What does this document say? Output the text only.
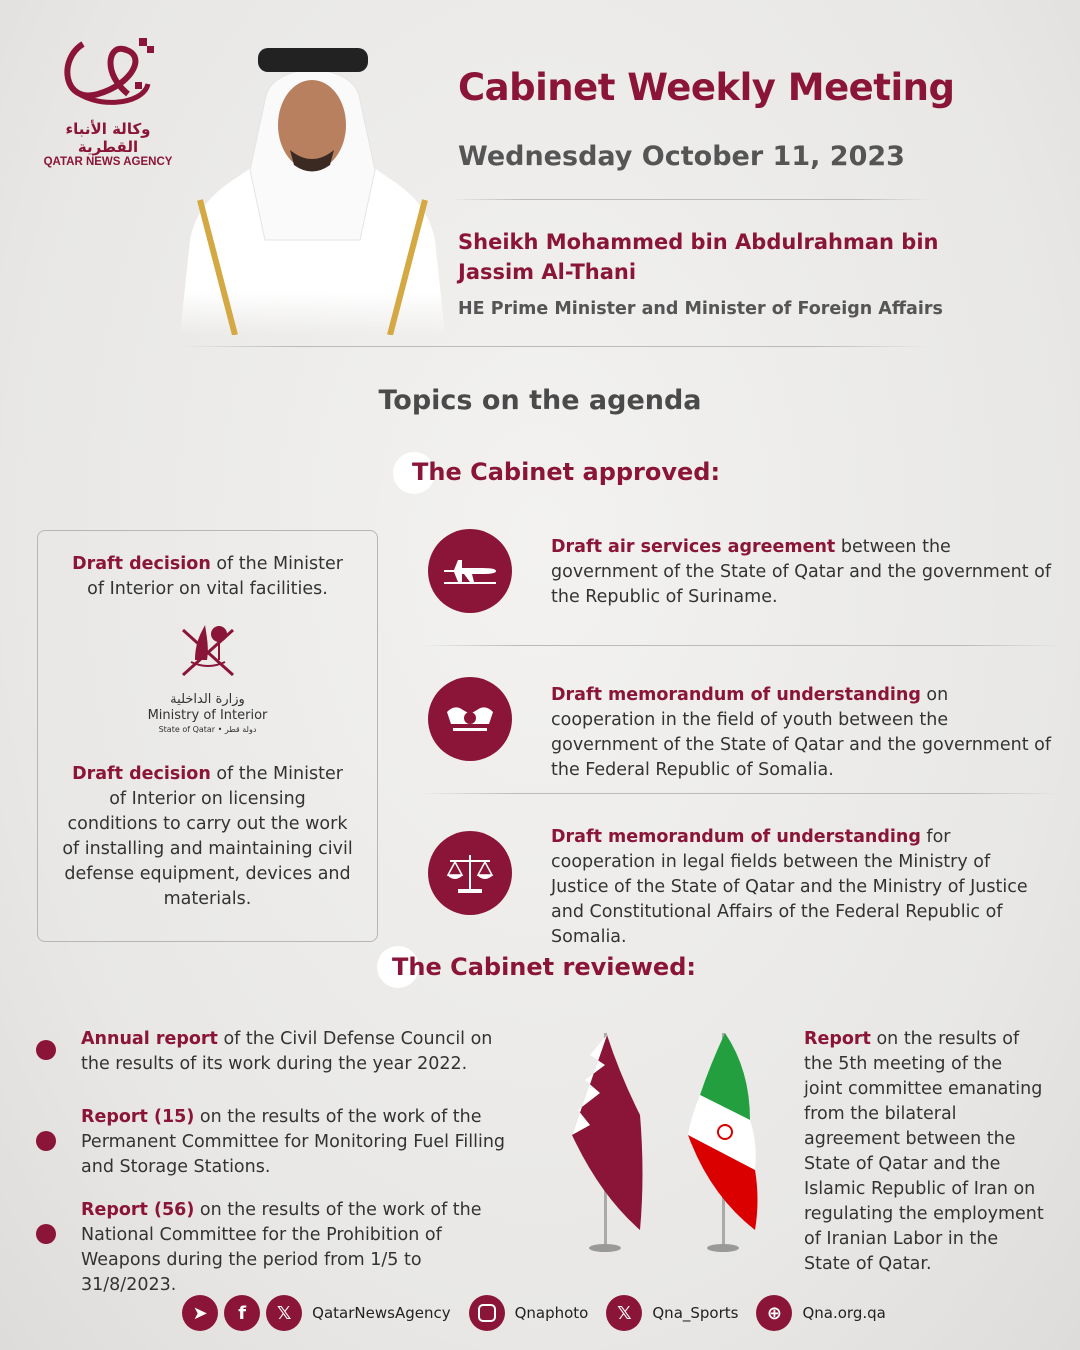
وكالة الأنباء القطرية
QATAR NEWS AGENCY
Cabinet Weekly Meeting
Wednesday October 11, 2023
Sheikh Mohammed bin Abdulrahman bin
Jassim Al-Thani
HE Prime Minister and Minister of Foreign Affairs
Topics on the agenda
The Cabinet approved:
Draft decision of the Minister of Interior on vital facilities.
وزارة الداخلية
Ministry of Interior
State of Qatar • دولة قطر
Draft decision of the Minister of Interior on licensing conditions to carry out the work of installing and maintaining civil defense equipment, devices and materials.
Draft air services agreement between the government of the State of Qatar and the government of the Republic of Suriname.
Draft memorandum of understanding on cooperation in the field of youth between the government of the State of Qatar and the government of the Federal Republic of Somalia.
Draft memorandum of understanding for cooperation in legal fields between the Ministry of Justice of the State of Qatar and the Ministry of Justice and Constitutional Affairs of the Federal Republic of Somalia.
The Cabinet reviewed:
Annual report of the Civil Defense Council on the results of its work during the year 2022.
Report (15) on the results of the work of the Permanent Committee for Monitoring Fuel Filling and Storage Stations.
Report (56) on the results of the work of the National Committee for the Prohibition of Weapons during the period from 1/5 to 31/8/2023.
Report on the results of the 5th meeting of the joint committee emanating from the bilateral agreement between the State of Qatar and the Islamic Republic of Iran on regulating the employment of Iranian Labor in the State of Qatar.
➤	f	𝕏	QatarNewsAgency	Qnaphoto	𝕏	Qna_Sports	⊕	Qna.org.qa
